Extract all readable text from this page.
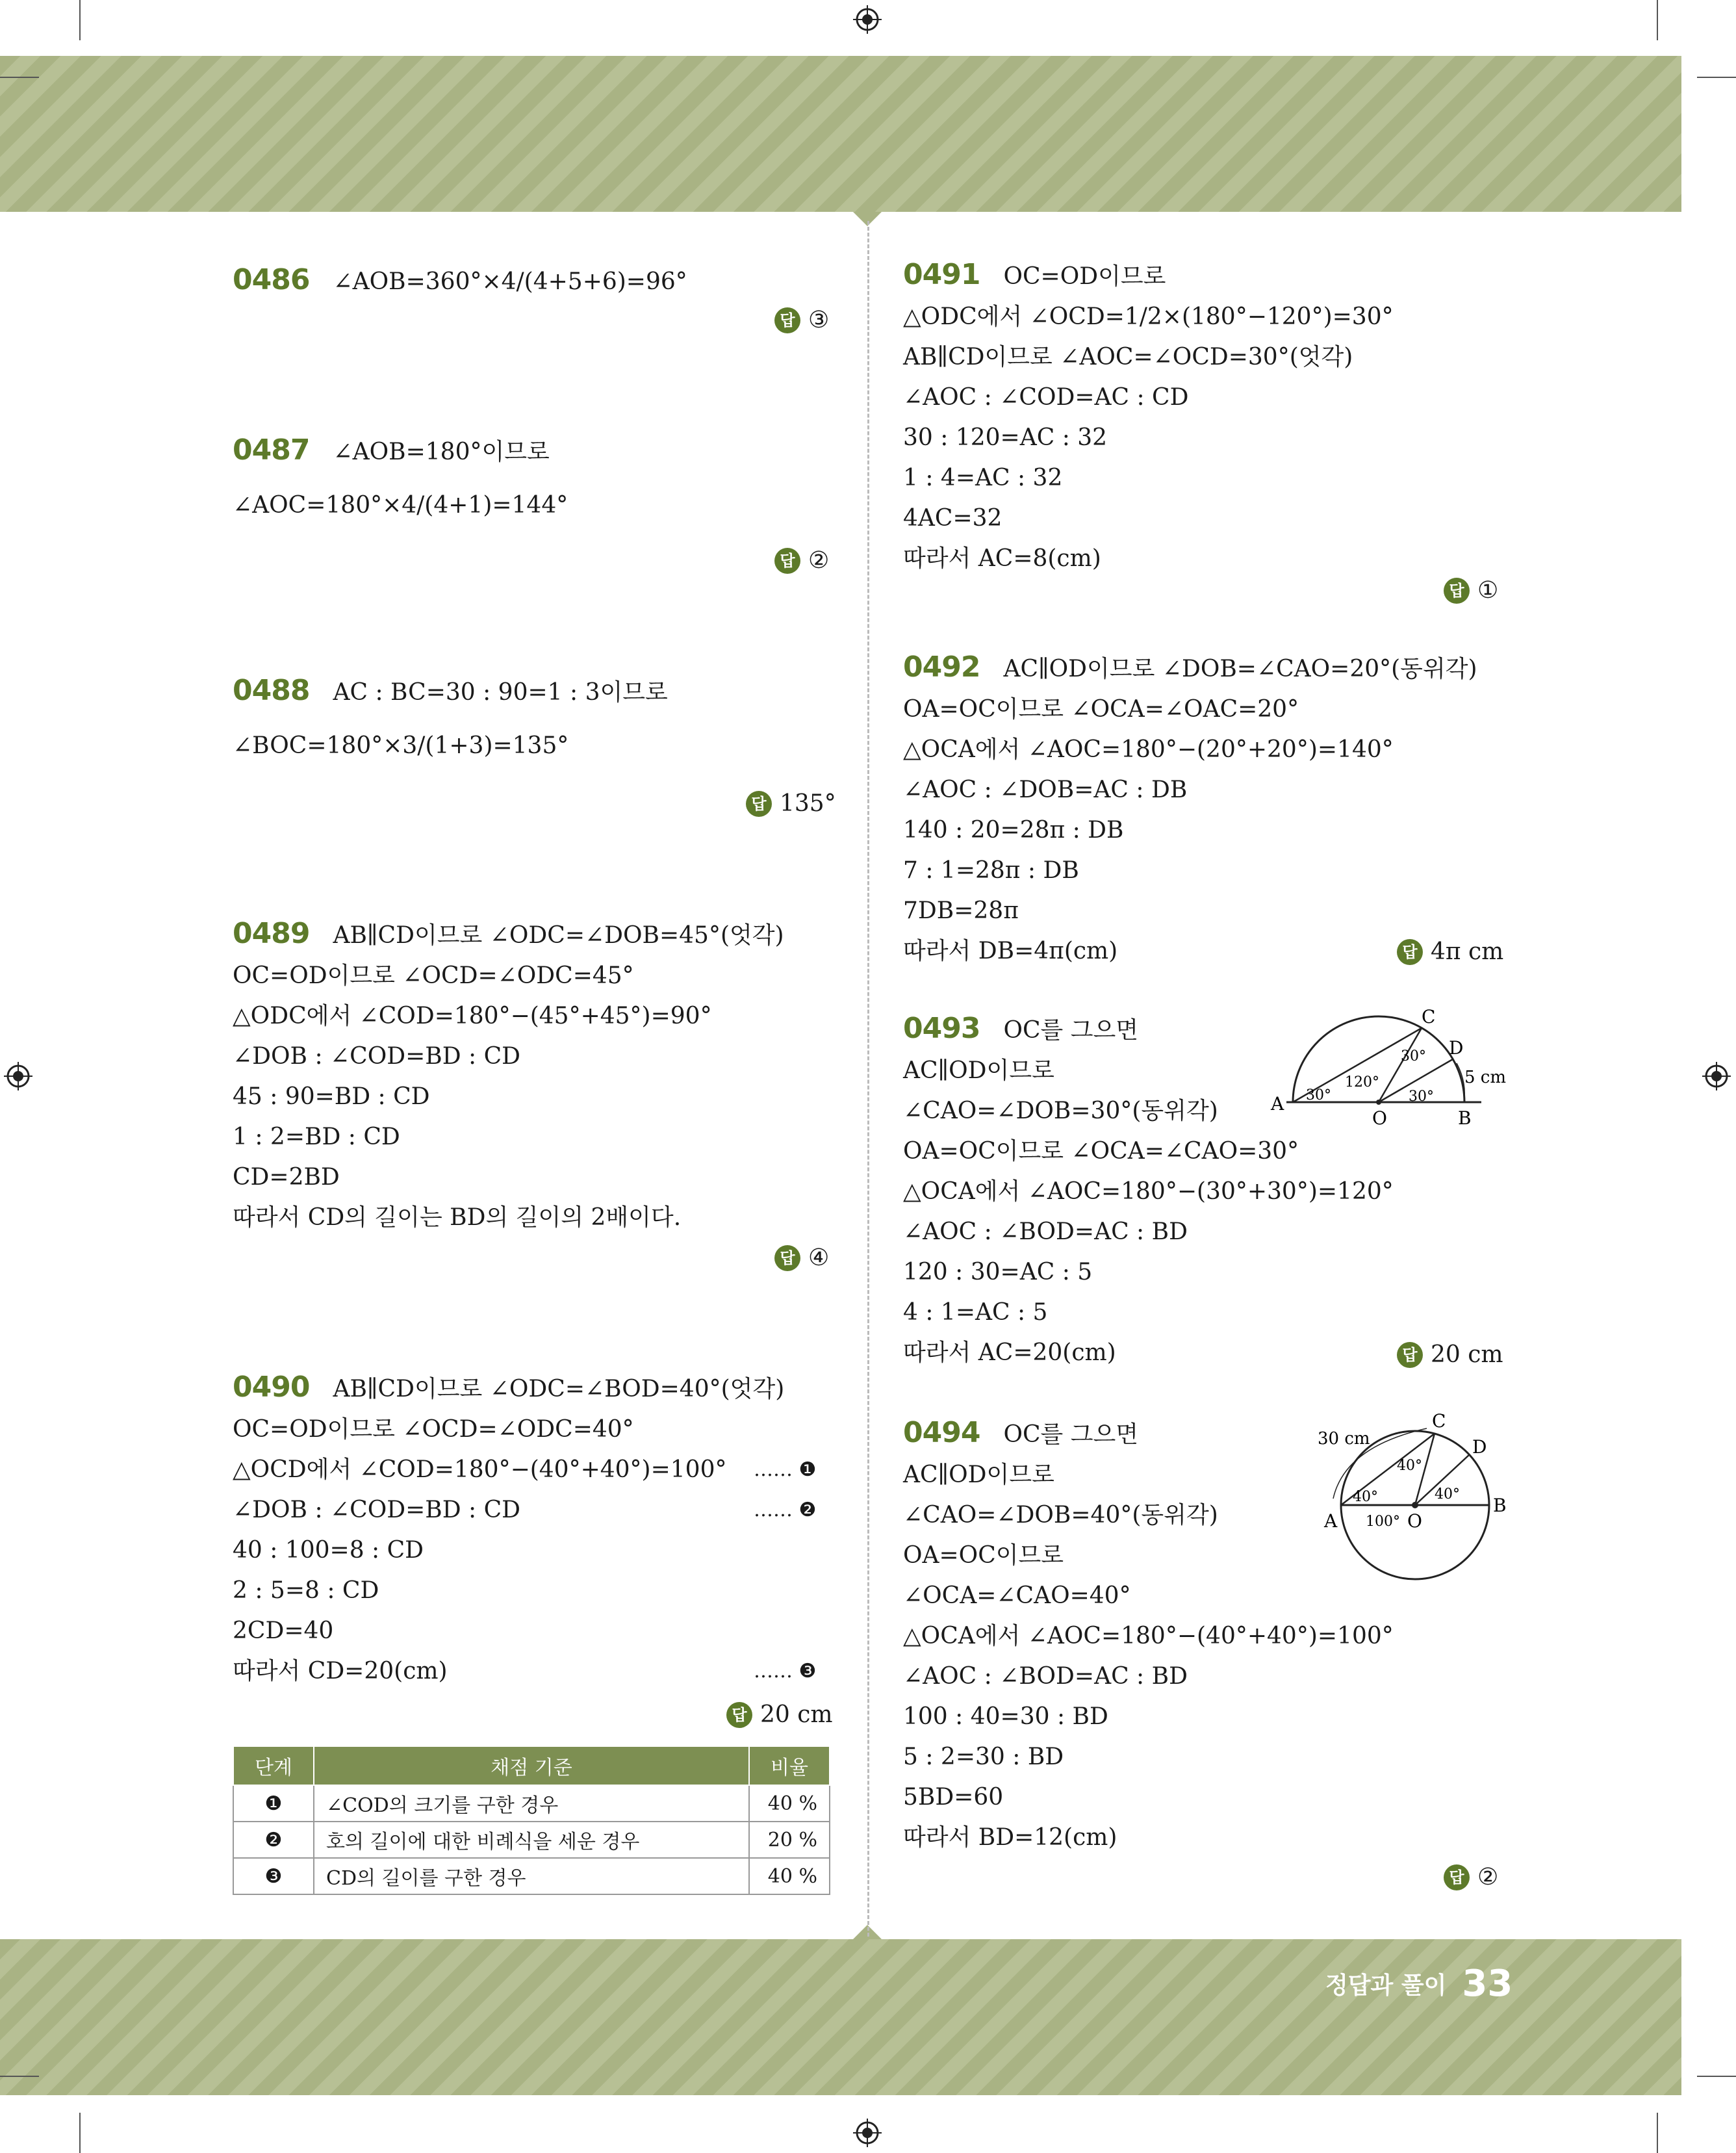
정답과 풀이 33
0486 ∠AOB=360°×4/(4+5+6)=96°
답 ③
0487 ∠AOB=180°이므로
∠AOC=180°×4/(4+1)=144°
답 ②
0488 AC : BC=30 : 90=1 : 3이므로
∠BOC=180°×3/(1+3)=135°
답 135°
0489 AB∥CD이므로 ∠ODC=∠DOB=45°(엇각)
OC=OD이므로 ∠OCD=∠ODC=45°
△ODC에서 ∠COD=180°−(45°+45°)=90°
∠DOB : ∠COD=BD : CD
45 : 90=BD : CD
1 : 2=BD : CD
CD=2BD
따라서 CD의 길이는 BD의 길이의 2배이다.
답 ④
0490 AB∥CD이므로 ∠ODC=∠BOD=40°(엇각)
OC=OD이므로 ∠OCD=∠ODC=40°
△OCD에서 ∠COD=180°−(40°+40°)=100°
∠DOB : ∠COD=BD : CD
40 : 100=8 : CD
2 : 5=8 : CD
2CD=40
따라서 CD=20(cm)
…… ❶
…… ❷
…… ❸
답 20 cm
단계	채점 기준	비율
❶	∠COD의 크기를 구한 경우	40 %
❷	호의 길이에 대한 비례식을 세운 경우	20 %
❸	CD의 길이를 구한 경우	40 %
0491 OC=OD이므로
△ODC에서 ∠OCD=1/2×(180°−120°)=30°
AB∥CD이므로 ∠AOC=∠OCD=30°(엇각)
∠AOC : ∠COD=AC : CD
30 : 120=AC : 32
1 : 4=AC : 32
4AC=32
따라서 AC=8(cm)
답 ①
0492 AC∥OD이므로 ∠DOB=∠CAO=20°(동위각)
OA=OC이므로 ∠OCA=∠OAC=20°
△OCA에서 ∠AOC=180°−(20°+20°)=140°
∠AOC : ∠DOB=AC : DB
140 : 20=28π : DB
7 : 1=28π : DB
7DB=28π
따라서 DB=4π(cm)	답 4π cm
0493 OC를 그으면
AC∥OD이므로
∠CAO=∠DOB=30°(동위각)
OA=OC이므로 ∠OCA=∠CAO=30°
△OCA에서 ∠AOC=180°−(30°+30°)=120°
∠AOC : ∠BOD=AC : BD
120 : 30=AC : 5
4 : 1=AC : 5
따라서 AC=20(cm)	답 20 cm
A
O	B
C
D
30°
120°
30°
30°
5 cm
0494 OC를 그으면
AC∥OD이므로
∠CAO=∠DOB=40°(동위각)
OA=OC이므로
∠OCA=∠CAO=40°
△OCA에서 ∠AOC=180°−(40°+40°)=100°
∠AOC : ∠BOD=AC : BD
100 : 40=30 : BD
5 : 2=30 : BD
5BD=60
따라서 BD=12(cm)
답 ②
A	O
B
C
D
40°
40°
40°
100°
30 cm
